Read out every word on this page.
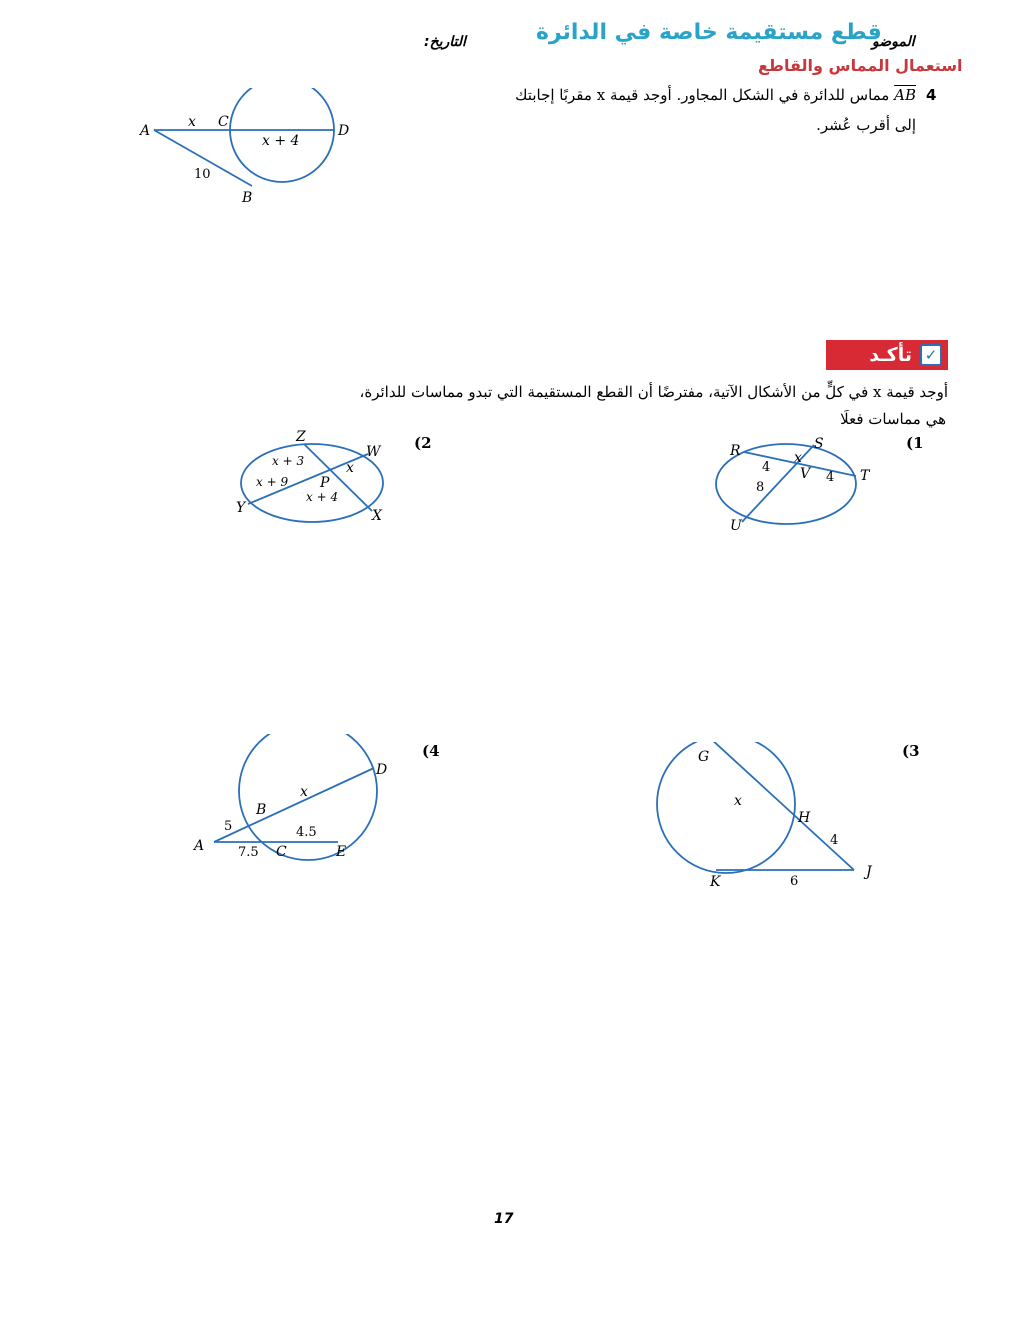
قطع مستقيمة خاصة في الدائرة
الموضو
التاريخ:
استعمال المماس والقاطع
4
AB مماس للدائرة في الشكل المجاور. أوجد قيمة x مقربًا إجابتك
إلى أقرب عُشر.
A
B
C
D
x
x + 4
10
تأكـد ✓
أوجد قيمة x في كلٍّ من الأشكال الآتية، مفترضًا أن القطع المستقيمة التي تبدو مماسات للدائرة،
هي مماسات فعلًا
(1
R	S
T
U
V
4
x
4
8
(2
Z
W
X
Y
P
x + 3	x
x + 9
x + 4
(3
G
H
J
K
x
4
6
(4
A
B
C
D
E
x
5	4.5
7.5
17
